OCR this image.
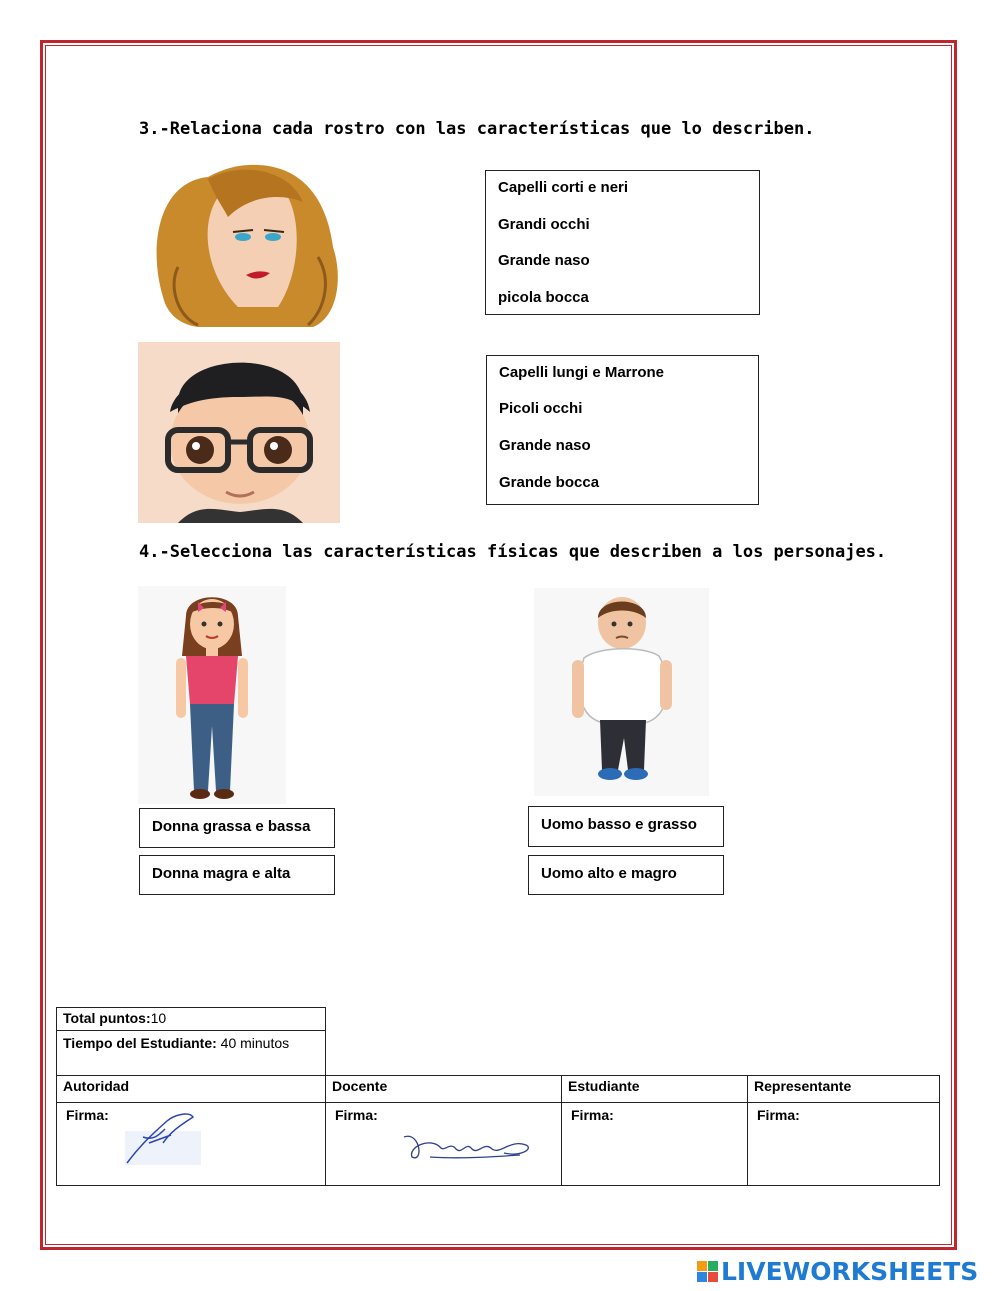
3.-Relaciona cada rostro con las características que lo describen.
Capelli corti e neri
Grandi occhi
Grande naso
picola bocca
Capelli lungi e Marrone
Picoli occhi
Grande naso
Grande bocca
4.-Selecciona las características físicas que describen a los personajes.
Donna grassa e bassa
Donna magra e alta
Uomo basso e grasso
Uomo alto e magro
Total puntos:10
Tiempo del Estudiante: 40 minutos
Autoridad	Docente	Estudiante	Representante
Firma:	Firma:	Firma:	Firma:
LIVEWORKSHEETS
